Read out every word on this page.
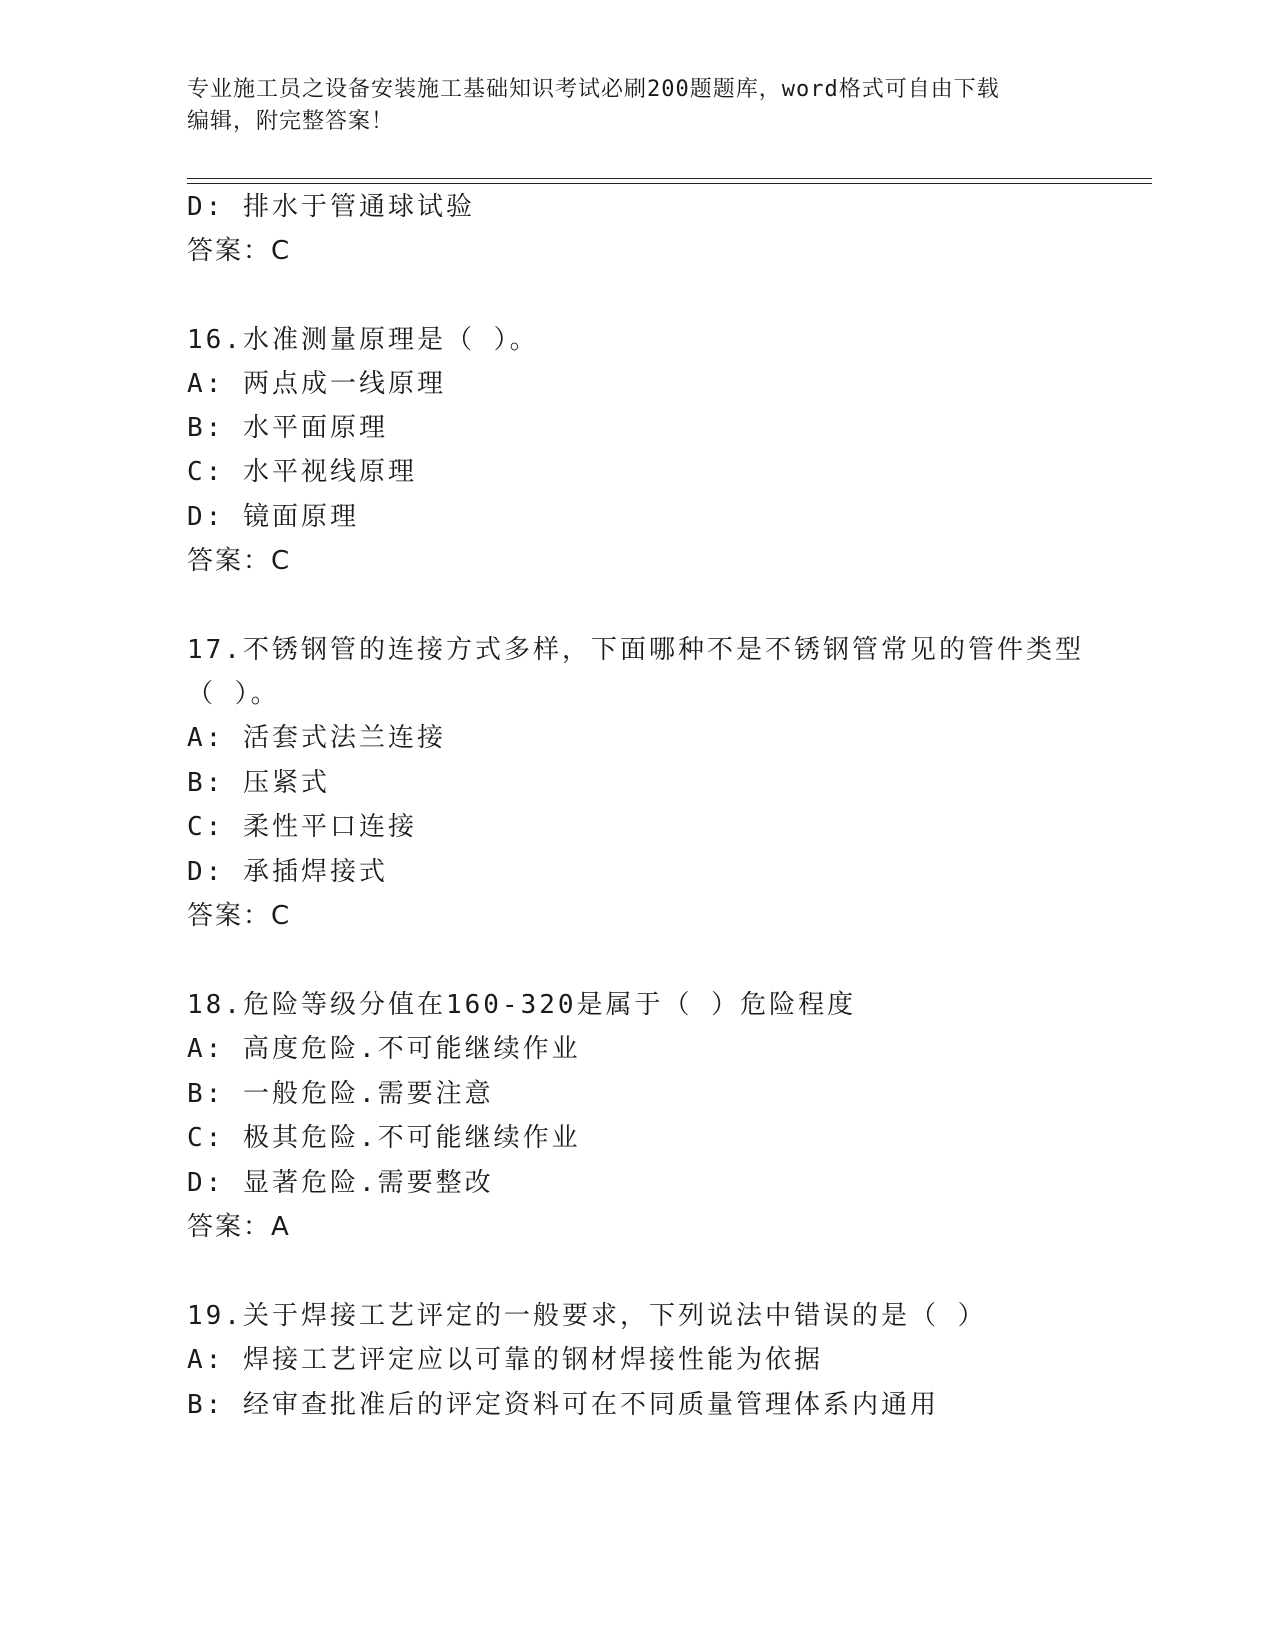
专业施工员之设备安装施工基础知识考试必刷200题题库，word格式可自由下载
编辑，附完整答案！
D: 排水于管通球试验
答案：C
16.水准测量原理是（ ）。
A: 两点成一线原理
B: 水平面原理
C: 水平视线原理
D: 镜面原理
答案：C
17.不锈钢管的连接方式多样，下面哪种不是不锈钢管常见的管件类型
（ ）。
A: 活套式法兰连接
B: 压紧式
C: 柔性平口连接
D: 承插焊接式
答案：C
18.危险等级分值在160-320是属于（ ）危险程度
A: 高度危险.不可能继续作业
B: 一般危险.需要注意
C: 极其危险.不可能继续作业
D: 显著危险.需要整改
答案：A
19.关于焊接工艺评定的一般要求，下列说法中错误的是（ ）
A: 焊接工艺评定应以可靠的钢材焊接性能为依据
B: 经审查批准后的评定资料可在不同质量管理体系内通用
